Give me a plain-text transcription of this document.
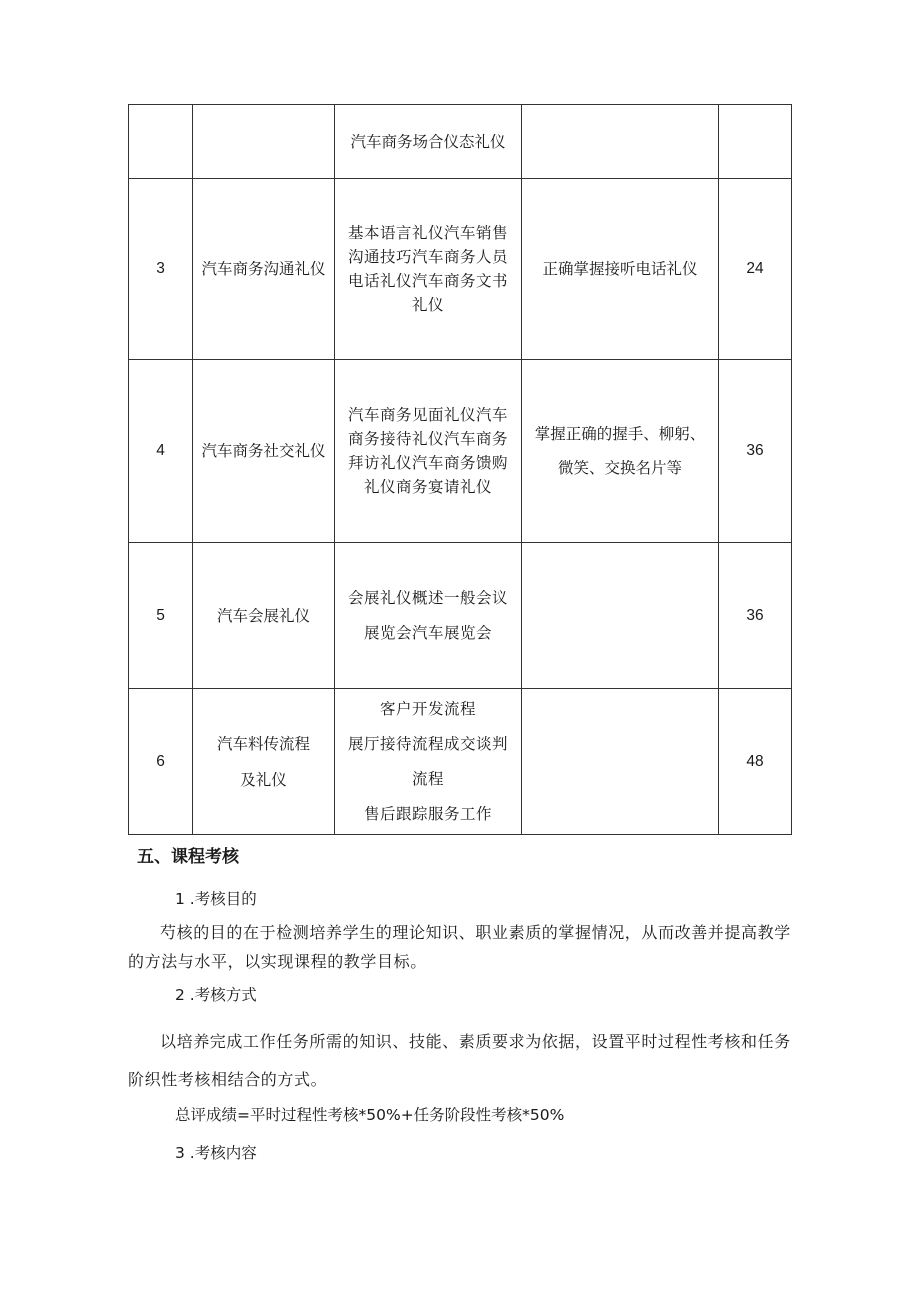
		汽车商务场合仪态礼仪		

3	汽车商务沟通礼仪	基本语言礼仪汽车销售
沟通技巧汽车商务人员
电话礼仪汽车商务文书
礼仪	正确掌握接听电话礼仪	24
4	汽车商务社交礼仪	汽车商务见面礼仪汽车
商务接待礼仪汽车商务
拜访礼仪汽车商务馈购
礼仪商务宴请礼仪	掌握正确的握手、柳躬、
微笑、交换名片等	36
5	汽车会展礼仪	会展礼仪概述一般会议
展览会汽车展览会		36
6	汽车料传流程
及礼仪	客户开发流程
展厅接待流程成交谈判
流程
售后跟踪服务工作		48
五、课程考核
1 .考核目的
芍核的目的在于检测培养学生的理论知识、职业素质的掌握情况，从而改善并提高教学的方法与水平，以实现课程的教学目标。
2 .考核方式
以培养完成工作任务所需的知识、技能、素质要求为依据，设置平时过程性考核和任务阶织性考核相结合的方式。
总评成绩=平时过程性考核*50%+任务阶段性考核*50%
3 .考核内容
